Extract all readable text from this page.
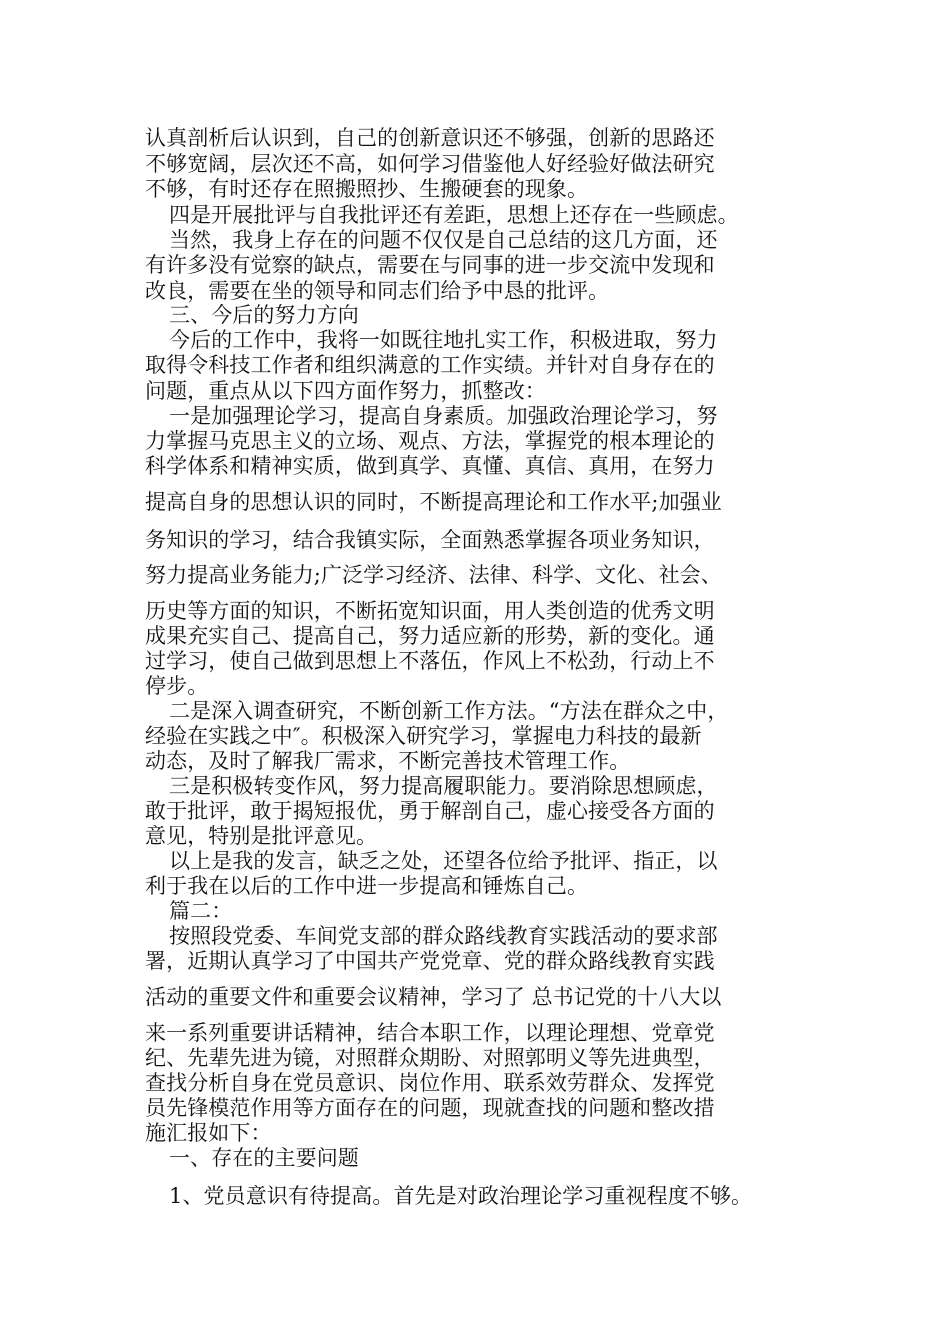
认真剖析后认识到，自己的创新意识还不够强，创新的思路还

不够宽阔，层次还不高，如何学习借鉴他人好经验好做法研究

不够，有时还存在照搬照抄、生搬硬套的现象。

四是开展批评与自我批评还有差距，思想上还存在一些顾虑。

当然，我身上存在的问题不仅仅是自己总结的这几方面，还

有许多没有觉察的缺点，需要在与同事的进一步交流中发现和

改良，需要在坐的领导和同志们给予中恳的批评。

三、今后的努力方向

今后的工作中，我将一如既往地扎实工作，积极进取，努力

取得令科技工作者和组织满意的工作实绩。并针对自身存在的

问题，重点从以下四方面作努力，抓整改：

一是加强理论学习，提高自身素质。加强政治理论学习，努

力掌握马克思主义的立场、观点、方法，掌握党的根本理论的

科学体系和精神实质，做到真学、真懂、真信、真用，在努力

提高自身的思想认识的同时，不断提高理论和工作水平;加强业

务知识的学习，结合我镇实际，全面熟悉掌握各项业务知识，

努力提高业务能力;广泛学习经济、法律、科学、文化、社会、

历史等方面的知识，不断拓宽知识面，用人类创造的优秀文明

成果充实自己、提高自己，努力适应新的形势，新的变化。通

过学习，使自己做到思想上不落伍，作风上不松劲，行动上不

停步。

二是深入调查研究，不断创新工作方法。“方法在群众之中，

经验在实践之中″。积极深入研究学习，掌握电力科技的最新

动态，及时了解我厂需求，不断完善技术管理工作。

三是积极转变作风，努力提高履职能力。要消除思想顾虑，

敢于批评，敢于揭短报优，勇于解剖自己，虚心接受各方面的

意见，特别是批评意见。

以上是我的发言，缺乏之处，还望各位给予批评、指正，以

利于我在以后的工作中进一步提高和锤炼自己。

篇二：

按照段党委、车间党支部的群众路线教育实践活动的要求部

署，近期认真学习了中国共产党党章、党的群众路线教育实践

活动的重要文件和重要会议精神，学习了 总书记党的十八大以

来一系列重要讲话精神，结合本职工作，以理论理想、党章党

纪、先辈先进为镜，对照群众期盼、对照郭明义等先进典型，

查找分析自身在党员意识、岗位作用、联系效劳群众、发挥党

员先锋模范作用等方面存在的问题，现就查找的问题和整改措

施汇报如下：

一、存在的主要问题

1、党员意识有待提高。首先是对政治理论学习重视程度不够。
